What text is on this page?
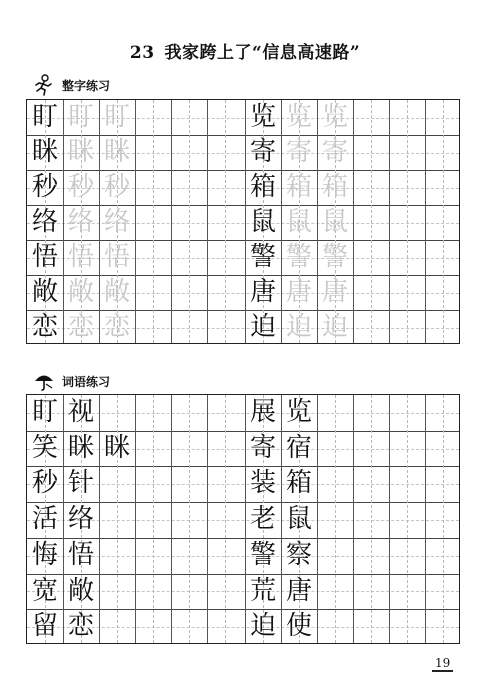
23 我家跨上了“信息高速路”
整字练习
盯 盯 盯	览 览 览
眯 眯 眯	寄 寄 寄
秒 秒 秒	箱 箱 箱
络 络 络	鼠 鼠 鼠
悟 悟 悟	警 警 警
敞 敞 敞	唐 唐 唐
恋 恋 恋	迫 迫 迫
词语练习
盯 视	展 览
笑 眯 眯	寄 宿
秒 针	装 箱
活 络	老 鼠
悔 悟	警 察
宽 敞	荒 唐
留 恋	迫 使
19
